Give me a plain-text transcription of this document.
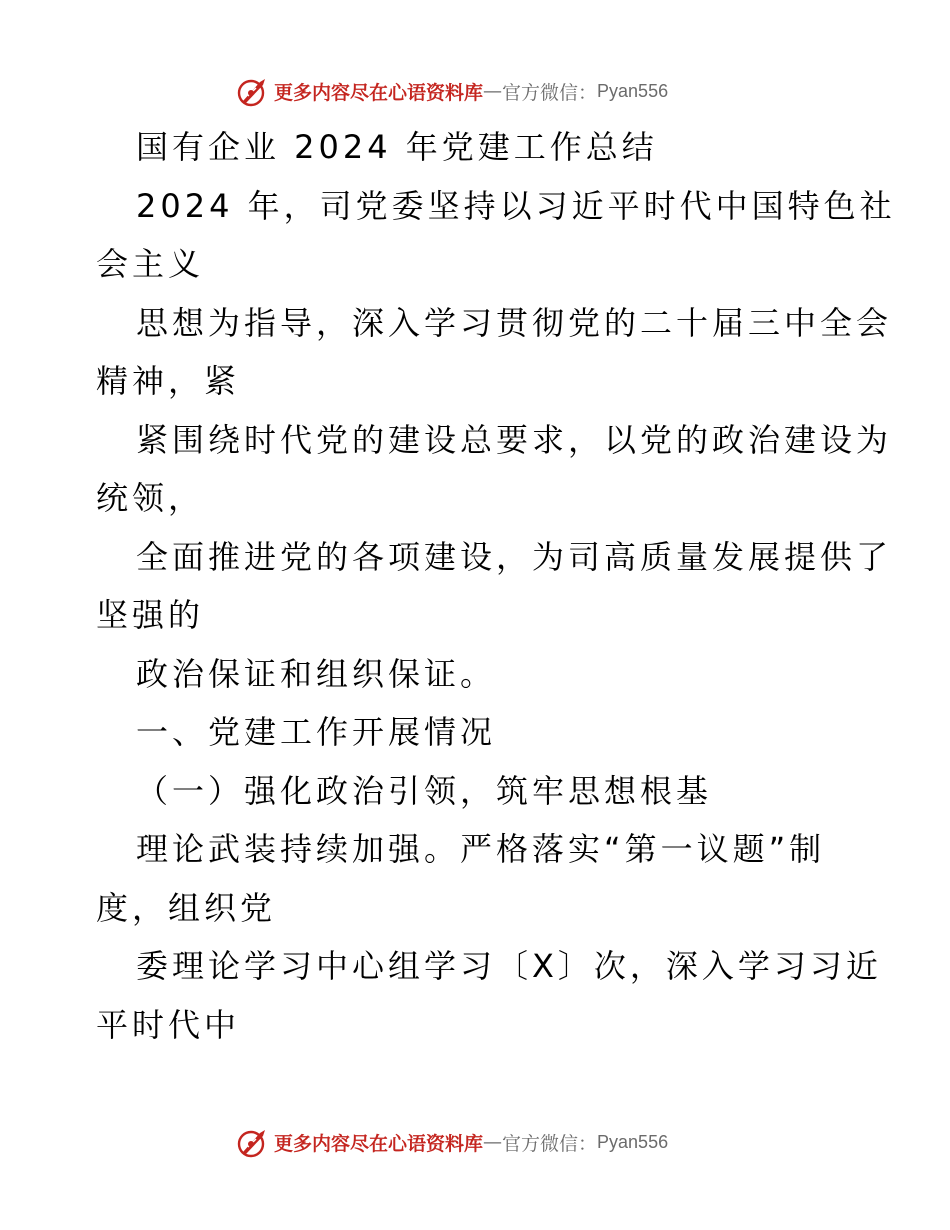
更多内容尽在心语资料库 — 官方微信： Pyan556
国有企业 2024 年党建工作总结
2024 年，司党委坚持以习近平时代中国特色社
会主义
思想为指导，深入学习贯彻党的二十届三中全会
精神，紧
紧围绕时代党的建设总要求，以党的政治建设为
统领，
全面推进党的各项建设，为司高质量发展提供了
坚强的
政治保证和组织保证。
一、党建工作开展情况
（一）强化政治引领，筑牢思想根基
理论武装持续加强。严格落实“第一议题”制
度，组织党
委理论学习中心组学习〔X〕次，深入学习习近
平时代中
更多内容尽在心语资料库 — 官方微信： Pyan556
